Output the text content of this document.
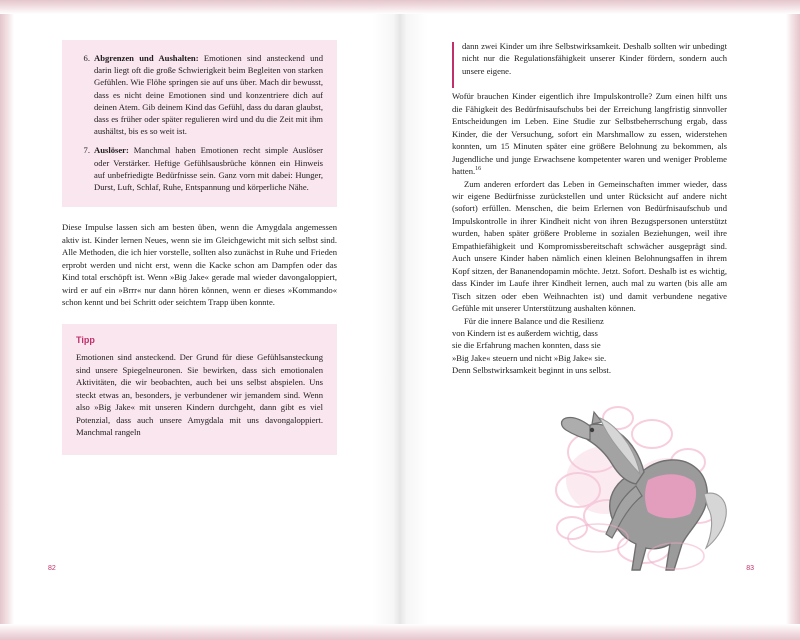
6. Abgrenzen und Aushalten: Emotionen sind ansteckend und darin liegt oft die große Schwierigkeit beim Begleiten von starken Gefühlen. Wie Flöhe springen sie auf uns über. Mach dir bewusst, dass es nicht deine Emotionen sind und konzentriere dich auf deinen Atem. Gib deinem Kind das Gefühl, dass du daran glaubst, dass es früher oder später regulieren wird und du die Zeit mit ihm aushältst, bis es so weit ist.
7. Auslöser: Manchmal haben Emotionen recht simple Auslöser oder Verstärker. Heftige Gefühlsausbrüche können ein Hinweis auf unbefriedigte Bedürfnisse sein. Ganz vorn mit dabei: Hunger, Durst, Luft, Schlaf, Ruhe, Entspannung und körperliche Nähe.

Diese Impulse lassen sich am besten üben, wenn die Amygdala angemessen aktiv ist. Kinder lernen Neues, wenn sie im Gleichgewicht mit sich selbst sind. Alle Methoden, die ich hier vorstelle, sollten also zunächst in Ruhe und Frieden erprobt werden und nicht erst, wenn die Kacke schon am Dampfen oder das Kind total erschöpft ist. Wenn »Big Jake« gerade mal wieder davongaloppiert, wird er auf ein »Brrr« nur dann hören können, wenn er dieses »Kommando« schon kennt und bei Schritt oder seichtem Trapp üben konnte.

Tipp

Emotionen sind ansteckend. Der Grund für diese Gefühlsansteckung sind unsere Spiegelneuronen. Sie bewirken, dass sich emotionalen Aktivitäten, die wir beobachten, auch bei uns selbst abspielen. Uns steckt etwas an, besonders, je verbundener wir jemandem sind. Wenn also »Big Jake« mit unseren Kindern durchgeht, dann gibt es viel Potenzial, dass auch unsere Amygdala mit uns davongaloppiert. Manchmal rangeln

dann zwei Kinder um ihre Selbstwirksamkeit. Deshalb sollten wir unbedingt nicht nur die Regulationsfähigkeit unserer Kinder fördern, sondern auch unsere eigene.

Wofür brauchen Kinder eigentlich ihre Impulskontrolle? Zum einen hilft uns die Fähigkeit des Bedürfnisaufschubs bei der Erreichung langfristig sinnvoller Entscheidungen im Leben. Eine Studie zur Selbstbeherrschung ergab, dass Kinder, die der Versuchung, sofort ein Marshmallow zu essen, widerstehen konnten, um 15 Minuten später eine größere Belohnung zu bekommen, als Jugendliche und junge Erwachsene kompetenter waren und weniger Probleme hatten.$^{16}$

Zum anderen erfordert das Leben in Gemeinschaften immer wieder, dass wir eigene Bedürfnisse zurückstellen und unter Rücksicht auf andere nicht (sofort) erfüllen. Menschen, die beim Erlernen von Bedürfnisaufschub und Impulskontrolle in ihrer Kindheit nicht von ihren Bezugspersonen unterstützt wurden, haben später größere Probleme in sozialen Beziehungen, weil ihre Empathiefähigkeit und Kompromissbereitschaft schwächer ausgeprägt sind. Auch unsere Kinder haben nämlich einen kleinen Belohnungsaffen in ihrem Kopf sitzen, der Bananendopamin möchte. Jetzt. Sofort. Deshalb ist es wichtig, dass Kinder im Laufe ihrer Kindheit lernen, auch mal zu warten (bis alle am Tisch sitzen oder eben Weihnachten ist) und damit verbundene negative Gefühle mit unserer Unterstützung aushalten können.

Für die innere Balance und die Resilienz von Kindern ist es außerdem wichtig, dass sie die Erfahrung machen konnten, dass sie »Big Jake« steuern und nicht »Big Jake« sie. Denn Selbstwirksamkeit beginnt in uns selbst.

82	83
